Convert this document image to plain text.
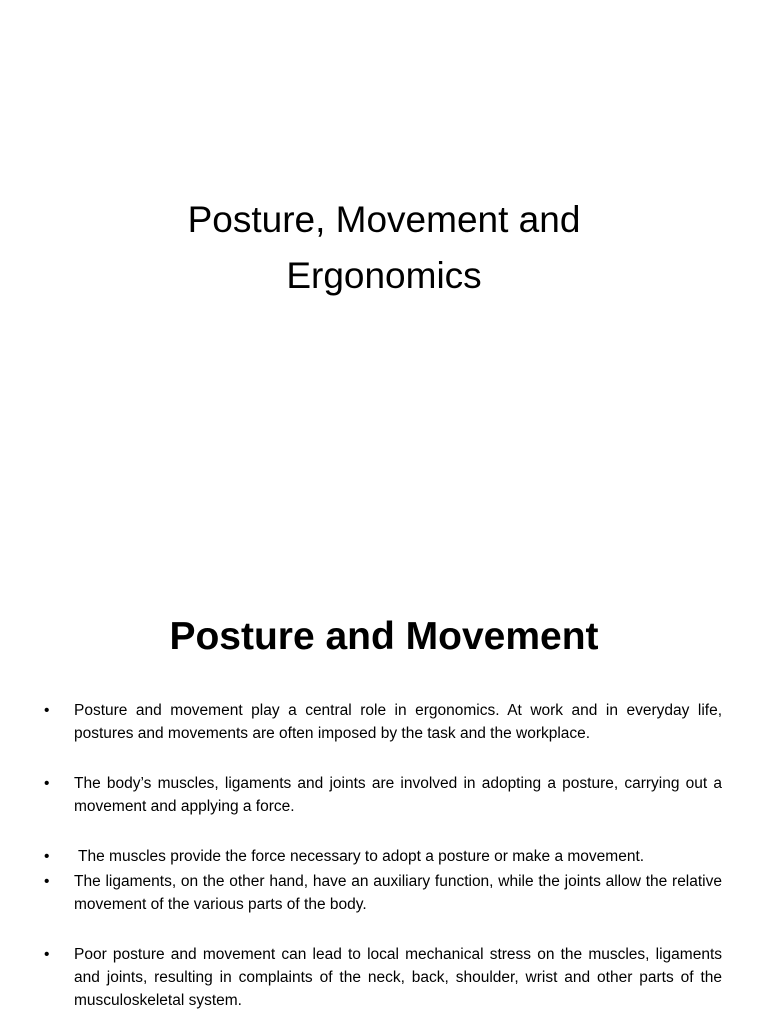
Posture, Movement and
Ergonomics
Posture and Movement
• Posture and movement play a central role in ergonomics. At work and in everyday life, postures and movements are often imposed by the task and the workplace.
• The body’s muscles, ligaments and joints are involved in adopting a posture, carrying out a movement and applying a force.
• The muscles provide the force necessary to adopt a posture or make a movement.
• The ligaments, on the other hand, have an auxiliary function, while the joints allow the relative movement of the various parts of the body.
• Poor posture and movement can lead to local mechanical stress on the muscles, ligaments and joints, resulting in complaints of the neck, back, shoulder, wrist and other parts of the musculoskeletal system.
